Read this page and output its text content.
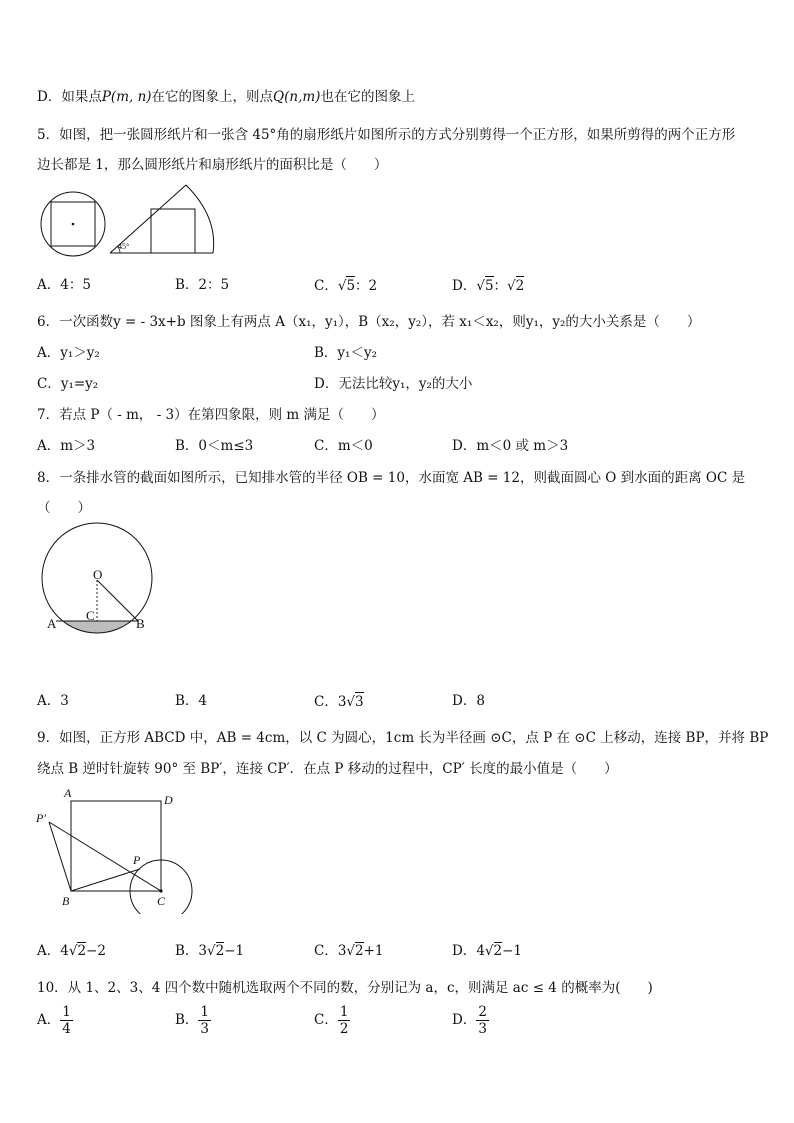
D．如果点P(m, n)在它的图象上，则点Q(n,m)也在它的图象上
5．如图，把一张圆形纸片和一张含 45°角的扇形纸片如图所示的方式分别剪得一个正方形，如果所剪得的两个正方形
边长都是 1，那么圆形纸片和扇形纸片的面积比是（　　）
45°
A．4：5	B．2：5	C．√5：2	D．√5：√2
6．一次函数y = - 3x+b 图象上有两点 A（x₁，y₁），B（x₂，y₂），若 x₁＜x₂，则y₁，y₂的大小关系是（　　）
A．y₁＞y₂	B．y₁＜y₂
C．y₁=y₂	D．无法比较y₁，y₂的大小
7．若点 P（ - m， - 3）在第四象限，则 m 满足（　　）
A．m＞3	B．0＜m≤3	C．m＜0	D．m＜0 或 m＞3
8．一条排水管的截面如图所示，已知排水管的半径 OB = 10，水面宽 AB = 12，则截面圆心 O 到水面的距离 OC 是
（　　）
O
C
A	B
A．3	B．4	C．3√3	D．8
9．如图，正方形 ABCD 中，AB = 4cm，以 C 为圆心，1cm 长为半径画 ⊙C，点 P 在 ⊙C 上移动，连接 BP，并将 BP
绕点 B 逆时针旋转 90° 至 BP′，连接 CP′．在点 P 移动的过程中，CP′ 长度的最小值是（　　）
A	D
P′
P
B	C
A．4√2−2	B．3√2−1	C．3√2+1	D．4√2−1
10．从 1、2、3、4 四个数中随机选取两个不同的数，分别记为 a，c，则满足 ac ≤ 4 的概率为(　　)
A． $\frac{1}{4}$	B． $\frac{1}{3}$	C． $\frac{1}{2}$	D． $\frac{2}{3}$
